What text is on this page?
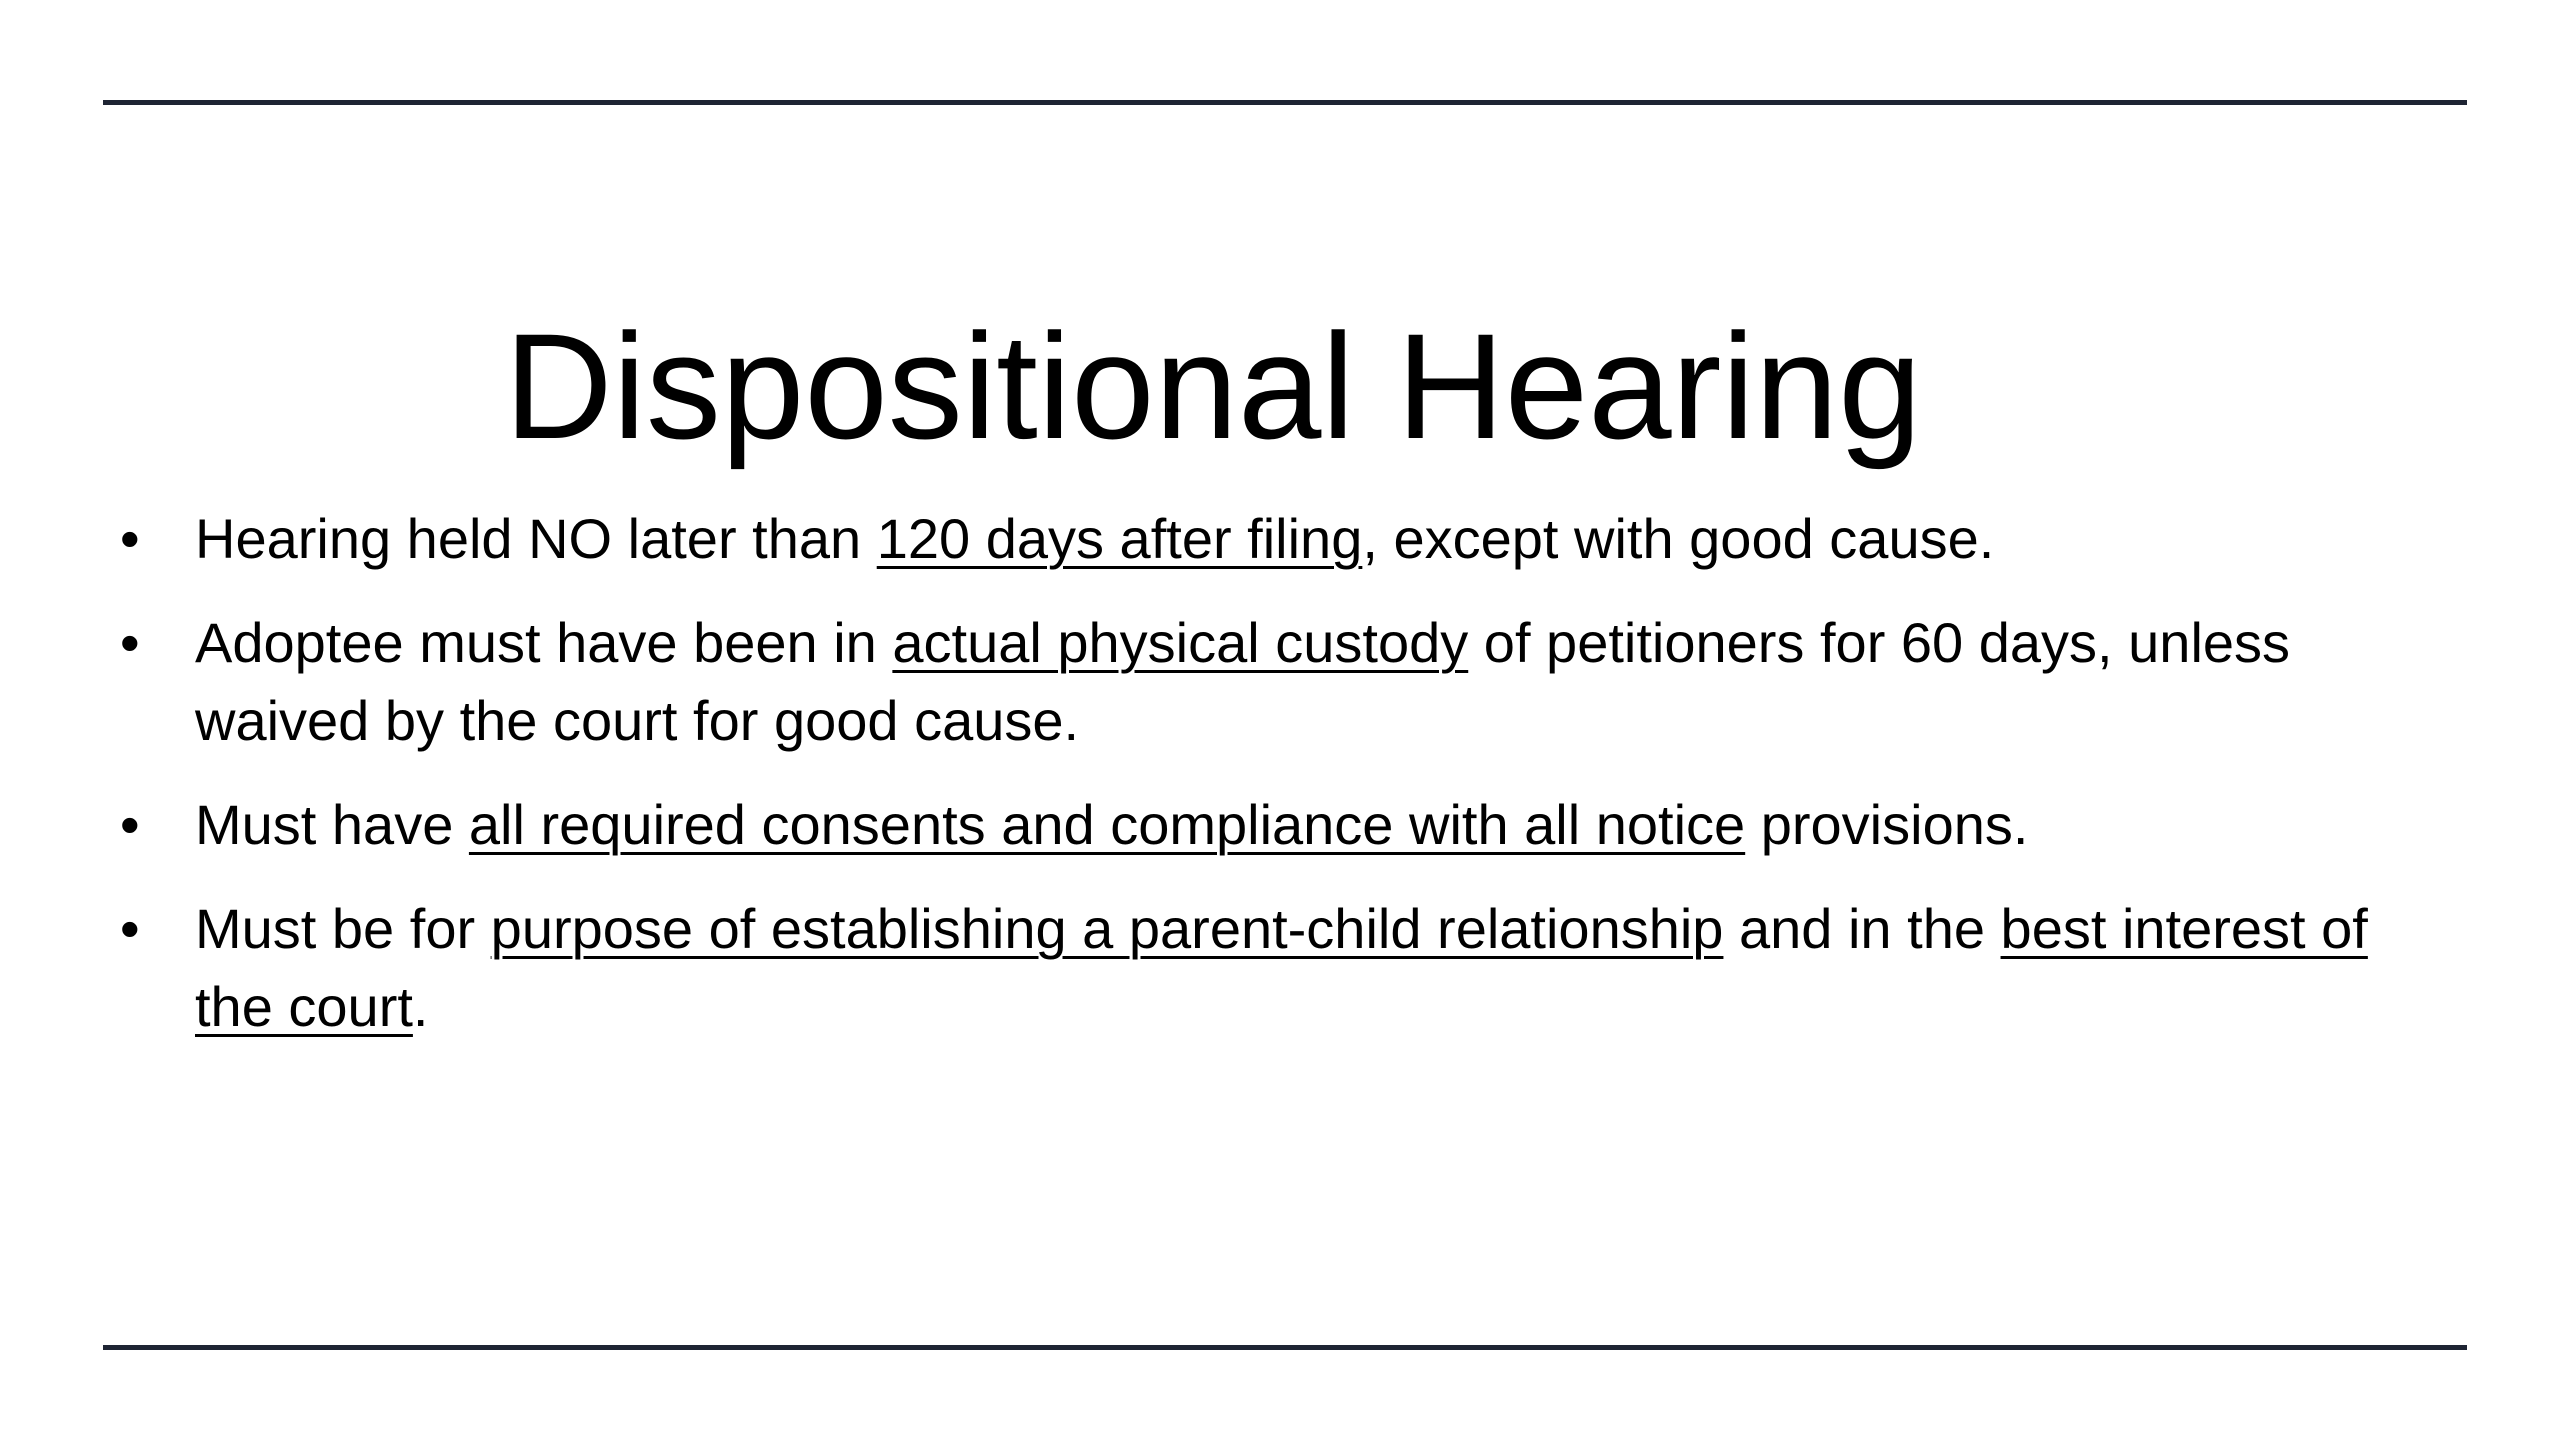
Dispositional Hearing
• Hearing held NO later than 120 days after filing, except with good cause.
• Adoptee must have been in actual physical custody of petitioners for 60 days, unless waived by the court for good cause.
• Must have all required consents and compliance with all notice provisions.
• Must be for purpose of establishing a parent-child relationship and in the best interest of the court.
